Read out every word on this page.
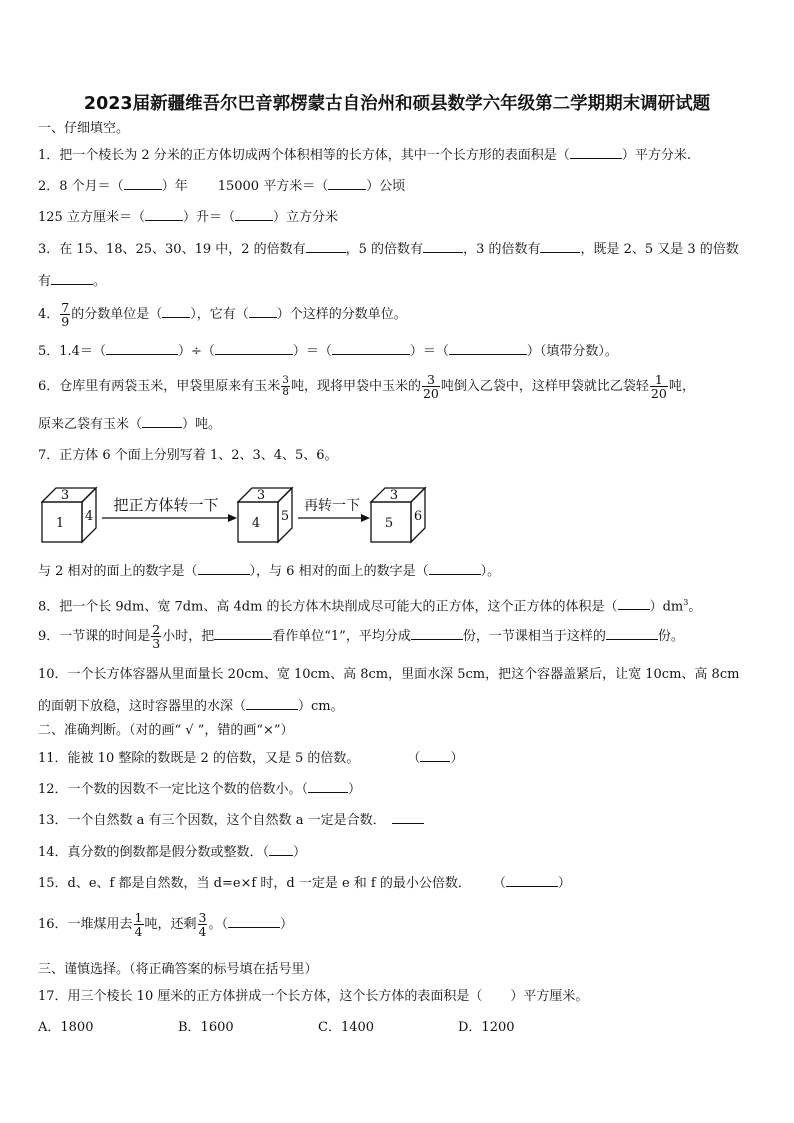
2023届新疆维吾尔巴音郭楞蒙古自治州和硕县数学六年级第二学期期末调研试题
一、仔细填空。
1．把一个棱长为 2 分米的正方体切成两个体积相等的长方体，其中一个长方形的表面积是（	）平方分米.
2．8 个月＝（	）年 15000 平方米＝（	）公顷
125 立方厘米＝（	）升＝（	）立方分米
3．在 15、18、25、30、19 中，2 的倍数有	，5 的倍数有	，3 的倍数有	，既是 2、5 又是 3 的倍数
有	。
4． $\frac{7}{9}$ 的分数单位是（ ），它有（ ）个这样的分数单位。
5．1.4＝（	）÷（	）＝（	）＝（	）（填带分数）。
6．仓库里有两袋玉米，甲袋里原来有玉米 $\frac{3}{8}$ 吨，现将甲袋中玉米的 $\frac{3}{20}$ 吨倒入乙袋中，这样甲袋就比乙袋轻 $\frac{1}{20}$ 吨，
原来乙袋有玉米（	）吨。
7．正方体 6 个面上分别写着 1、2、3、4、5、6。
3
1 4
把正方体转一下
3
4 5
再转一下
3
5 6
与 2 相对的面上的数字是（	），与 6 相对的面上的数字是（	）。
8．把一个长 9dm、宽 7dm、高 4dm 的长方体木块削成尽可能大的正方体，这个正方体的体积是（ ）$dm^3$。
9．一节课的时间是 $\frac{2}{3}$ 小时，把	看作单位“1”，平均分成	份，一节课相当于这样的	份。
10．一个长方体容器从里面量长 20cm、宽 10cm、高 8cm，里面水深 5cm，把这个容器盖紧后，让宽 10cm、高 8cm
的面朝下放稳，这时容器里的水深（	）cm。
二、准确判断。（对的画“ √ ”，错的画“×”）
11．能被 10 整除的数既是 2 的倍数，又是 5 的倍数。	（ ）
12．一个数的因数不一定比这个数的倍数小。（	）
13．一个自然数 a 有三个因数，这个自然数 a 一定是合数．
14．真分数的倒数都是假分数或整数．（ ）
15．d、e、f 都是自然数，当 d=e×f 时，d 一定是 e 和 f 的最小公倍数． （	）
16．一堆煤用去 $\frac{1}{4}$ 吨，还剩 $\frac{3}{4}$ 。（	）
三、谨慎选择。（将正确答案的标号填在括号里）
17．用三个棱长 10 厘米的正方体拼成一个长方体，这个长方体的表面积是（ ）平方厘米。
A．1800	B．1600	C．1400	D．1200
